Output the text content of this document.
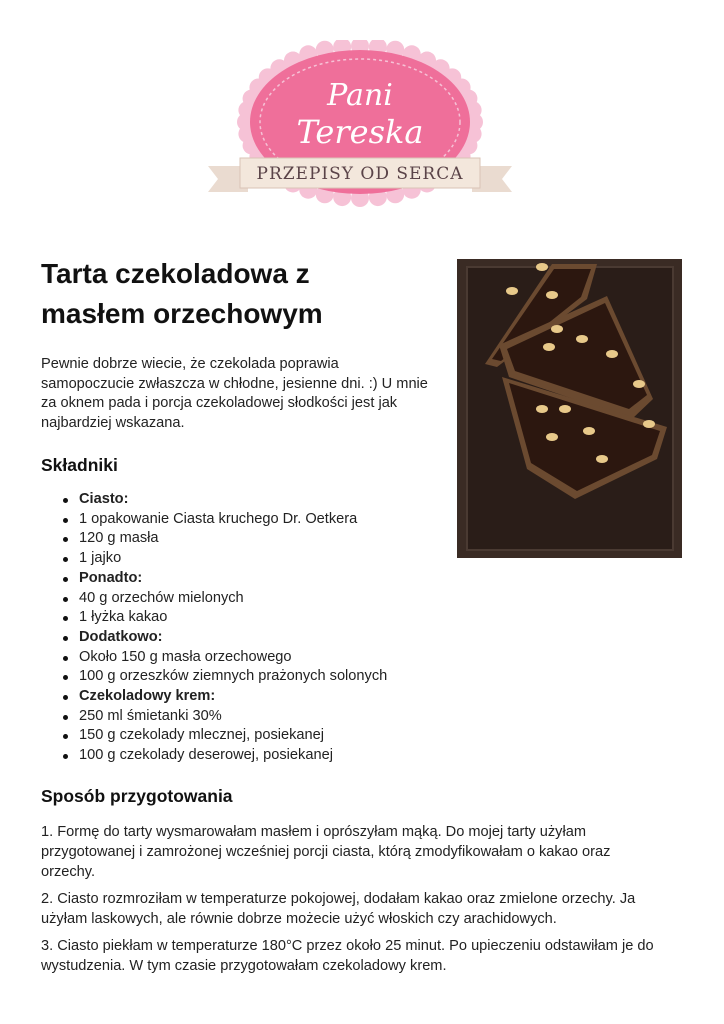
Pani
Tereska
PRZEPISY OD SERCA
Tarta czekoladowa z
masłem orzechowym

Pewnie dobrze wiecie, że czekolada poprawia
samopoczucie zwłaszcza w chłodne, jesienne dni. :) U mnie
za oknem pada i porcja czekoladowej słodkości jest jak
najbardziej wskazana.

Składniki
Ciasto:
1 opakowanie Ciasta kruchego Dr. Oetkera
120 g masła
1 jajko
Ponadto:
40 g orzechów mielonych
1 łyżka kakao
Dodatkowo:
Około 150 g masła orzechowego
100 g orzeszków ziemnych prażonych solonych
Czekoladowy krem:
250 ml śmietanki 30%
150 g czekolady mlecznej, posiekanej
100 g czekolady deserowej, posiekanej
Sposób przygotowania

1. Formę do tarty wysmarowałam masłem i oprószyłam mąką. Do mojej tarty użyłam
przygotowanej i zamrożonej wcześniej porcji ciasta, którą zmodyfikowałam o kakao oraz
orzechy.

2. Ciasto rozmroziłam w temperaturze pokojowej, dodałam kakao oraz zmielone orzechy. Ja
użyłam laskowych, ale równie dobrze możecie użyć włoskich czy arachidowych.

3. Ciasto piekłam w temperaturze 180°C przez około 25 minut. Po upieczeniu odstawiłam je do
wystudzenia. W tym czasie przygotowałam czekoladowy krem.
